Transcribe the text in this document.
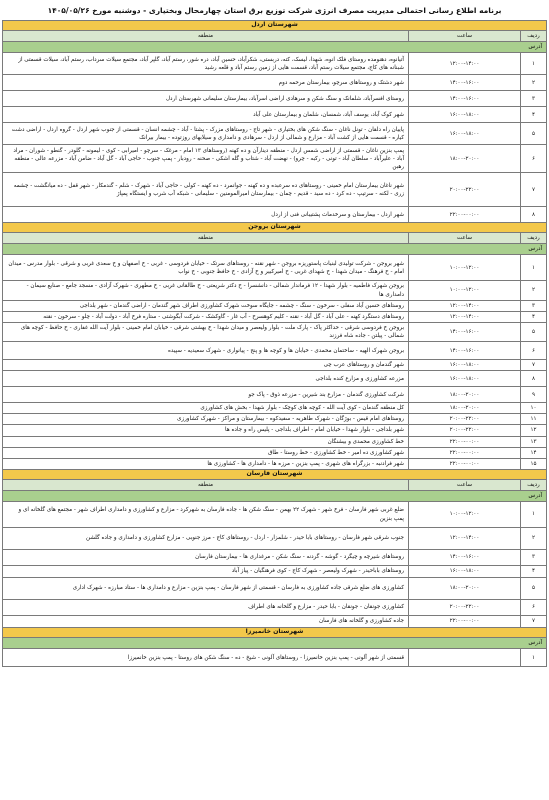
برنامه اطلاع رسانی احتمالی مدیریت مصرف انرژی شرکت توزیع برق استان چهارمحال وبختیاری - دوشنبه مورخ ۱۴۰۵/۰۵/۲۶
شهرستان اردل		
ردیف	ساعت	منطقه
آدرس		
۱	۱۲:۰۰-۱۴:۰۰	آتیانوه، دهنومده روستای فلک انوه، شهدا، لیسک، کته، دربستی، شکرآباد، حسین آباد، دره شور، رستم آباد، گلپر آباد، مجتمع سیلات سرداب، رستم آباد، سیلات قسمتی از شبنانه های کاج، مجتمع سیلات رستم آباد، قسمت هایی از زمین رستم آباد و قلعه رشید
۲	۱۴:۰۰-۱۶:۰۰	شهر دشتک و روستاهای سرچو، بیمارستان مرحمه دوم
۳	۱۴:۰۰-۱۶:۰۰	روستای افسرآباد، شلمانک و سنگ شکن و سرهادی اراضی اسرآباد، بیمارستان سلیمانی شهرستان اردل
۴	۱۶:۰۰-۱۸:۰۰	شهر کوک آباد، یوسف آباد، شمسان، شلمان و بیمارستان علی آباد
۵	۱۶:۰۰-۱۸:۰۰	پاییان راه دلقان - تونل ناغان - سنگ شکن های بختیاری - شهر تاج - روستاهای مزرک - پشتا - آباد - چشمه انسان - قسمتی از جنوب شهر اردل - گروه اردل - اراضی دشت کیاره - قسمت هایی از کشت آباد - مزارع و شمالی از اردل - سرهادی و دامداری و سیلابهای روزتوده - بیمار بیرانک
۶	۱۸:۰۰-۲۰:۰۰	پمپ بنزین ناغان - قسمتی از اراضی شمس اردل - منطقه دینارآن و ده کهنه (روستاهای ۱۳ امام - مرغک - سرچو - امیرابی - کوی - لیمونه - گلودر - گنطو - شوران - مراد آباد - علیرآباد - سلطان آباد - تونی - رکبه - چرو) - نهضت آباد - شتاب و گله اشکی - صحنه - رودبار - پمپ جنوب - حاجی آباد - گل آباد - ضامن آباد - مزرعه عالی - منطقه رهبن
۷	۲۰:۰۰-۲۲:۰۰	شهر ناغان بیمارستان امام خمینی - روستاهای ده سرعبده و ده کهنه - جوانمرد - ده کهنه - کولی - حاجی آباد - شهرک - شلم - گندمکار - شهر قفل - ده میانگشت - چشمه زری - لکنه - سرتیپ - ده کرد - ده سید - قدیم - چمان - بیمارستان امیرالمومنین - سلیمانی - شبکه آب شرب و ایستگاه پمپاژ
۸	۲۲:۰۰-۰۰:۰۰	شهر اردل - بیمارستان و سرخدمات پشتیبانی فنی از اردل
شهرستان بروجن		
ردیف	ساعت	منطقه
آدرس		
۱	۱۰:۰۰-۱۲:۰۰	شهر بروجن - شرکت تولیدی لبنیات پاستوریزه بروجن - شهر نقنه - روستاهای سرتک - خیابان فردوسی - غربی - خ اصفهان و خ سعدی غربی و شرقی - بلوار مدرس - میدان امام - خ فرهنگ - میدان شهدا - خ شهدای غربی - خ امیرکبیر و خ آزادی - خ حافظ جنوبی - خ نواب
۲	۱۰:۰۰-۱۲:۰۰	بروجن شهرک فاطمیه - بلوار شهدا - ۱۲ فرماندار شمالی - دانشسرا - خ دکتر شریعتی - خ طالقانی غربی - خ مطهری - شهرک آزادی - مسجد جامع - صنایع سیمان - دامداری ها
۳	۱۲:۰۰-۱۴:۰۰	روستاهای حسین آباد سفلی - سرخون - سنگ - چشمه - جایگاه سوخت شهرک کشاورزی اطراف شهر گندمان - اراضی گندمان - شهر بلداجی
۴	۱۲:۰۰-۱۴:۰۰	روستاهای دستگرد کهنه - علی آباد - گل آباد - نقنه - کلیم کوهسرخ - آب غار - گاوکشک - شرکت آبگوشتی - ستاره فرخ آباد - دولت آباد - چلو - سرخون - نقنه
۵	۱۴:۰۰-۱۶:۰۰	بروجن خ فردوسی شرقی - حداکثر پاک - پارک ملت - بلوار ولیعصر و میدان شهدا - خ بهشتی شرقی - خیابان امام خمینی - بلوار آیت الله غفاری - خ حافظ - کوچه های شمالی - پیلتن - جاده شاه فرزند
۶	۱۴:۰۰-۱۶:۰۰	بروجن شهرک الهیه - ساختمان محمدی - خیابان ها و کوچه ها و پنج - پیانواری - شهرک سعیدیه - سپیده
۷	۱۶:۰۰-۱۸:۰۰	شهر گندمان و روستاهای عرب چی
۸	۱۶:۰۰-۱۸:۰۰	مزرعه کشاورزی و مزارع کنده بلداجی
۹	۱۸:۰۰-۲۰:۰۰	شرکت کشاورزی گندمان - مزارع بند شیرین - مزرعه ذوق - پاک جو
۱۰	۱۸:۰۰-۲۰:۰۰	کل منطقه گندمان - کوی آیت الله - کوچه های کوچک - بلوار شهدا - بخش های کشاورزی
۱۱	۲۰:۰۰-۲۲:۰۰	روستاهای امام قیس - بوژگان - شهرک طاهریه - سفیدکوه - بیمارستان و مراکز - شهرک کشاورزی
۱۲	۲۰:۰۰-۲۲:۰۰	شهر بلداجی - بلوار شهدا - خیابان امام - اطراف بلداجی - پلیس راه و جاده ها
۱۳	۲۲:۰۰-۰۰:۰۰	خط کشاورزی محمدی و بیشنگان
۱۴	۲۲:۰۰-۰۰:۰۰	شهر کشاورزی ده امیر - خط کشاورزی - خط روستا - طاق
۱۵	۲۲:۰۰-۰۰:۰۰	شهر فرادنبه - بزرگراه های شهری - پمپ بنزین - مرزه ها - دامداری ها - کشاورزی ها
شهرستان فارسان		
ردیف	ساعت	منطقه
آدرس		
۱	۱۰:۰۰-۱۲:۰۰	ضلع غربی شهر فارسان - فرخ شهر - شهرک ۲۲ بهمن - سنگ شکن ها - جاده فارسان به شهرکرد - مزارع و کشاورزی و دامداری اطراف شهر - مجتمع های گلخانه ای و پمپ بنزین
۲	۱۲:۰۰-۱۴:۰۰	جنوب شرقی شهر فارسان - روستاهای بابا حیدر - شلمزار - اردل - روستاهای کاج - مرز جنوبی - مزارع کشاورزی و دامداری و جاده گلشن
۳	۱۴:۰۰-۱۶:۰۰	روستاهای شیرچه و چیگرد - گوشه - گردنه - سنگ شکن - مرغداری ها - بیمارستان فارسان
۴	۱۶:۰۰-۱۸:۰۰	روستاهای باباحیدر - شهرک ولیعصر - شهرک کاج - کوی فرهنگیان - پیاز آباد
۵	۱۸:۰۰-۲۰:۰۰	کشاورزی های ضلع شرقی جاده کشاورزی به فارسان - قسمتی از شهر فارسان - پمپ بنزین - مزارع و دامداری ها - ستاد مبارزه - شهرک اداری
۶	۲۰:۰۰-۲۲:۰۰	کشاورزی جونقان - جونقان - بابا حیدر - مزارع و گلخانه های اطراف
۷	۲۲:۰۰-۰۰:۰۰	جاده کشاورزی و گلخانه های فارسان
شهرستان خانمیرزا		
آدرس		
۱		قسمتی از شهر آلونی - پمپ بنزین خانمیرزا - روستاهای آلونی - شیخ - ده - سنگ شکن های روستا - پمپ بنزین خانمیرزا
